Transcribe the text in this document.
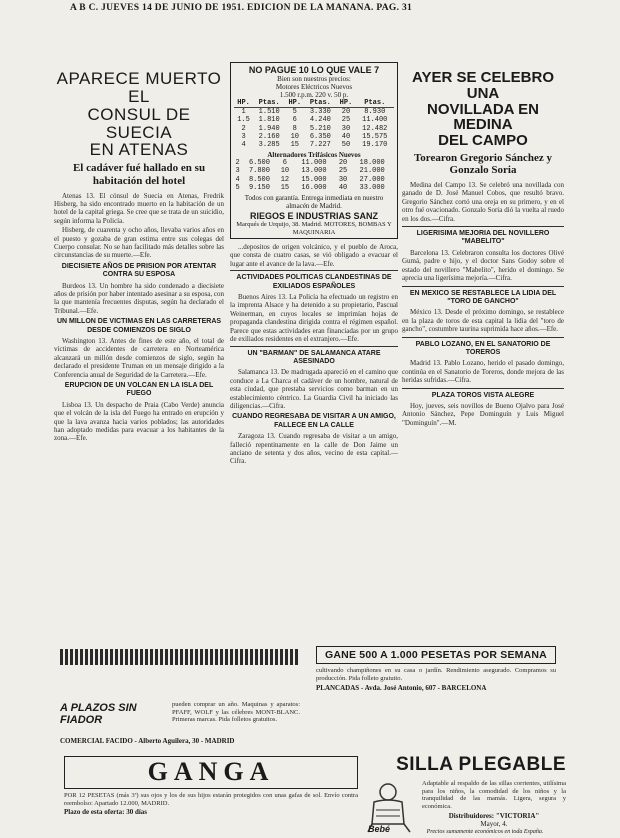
A B C. JUEVES 14 DE JUNIO DE 1951. EDICION DE LA MAÑANA. PAG. 31
APARECE MUERTO EL
CONSUL DE SUECIA
EN ATENAS
El cadáver fué hallado en su habitación del hotel

Atenas 13. El cónsul de Suecia en Atenas, Fredrik Hisberg, ha sido encontrado muerto en la habitación de un hotel de la capital griega. Se cree que se trata de un suicidio, según informa la Policía.

Hisberg, de cuarenta y ocho años, llevaba varios años en el puesto y gozaba de gran estima entre sus colegas del Cuerpo consular. No se han facilitado más detalles sobre las circunstancias de su muerte.—Efe.

DIECISIETE AÑOS DE PRISION POR ATENTAR CONTRA SU ESPOSA

Burdeos 13. Un hombre ha sido condenado a diecisiete años de prisión por haber intentado asesinar a su esposa, con la que mantenía frecuentes disputas, según ha declarado el Tribunal.—Efe.

UN MILLON DE VICTIMAS EN LAS CARRETERAS DESDE COMIENZOS DE SIGLO

Washington 13. Antes de fines de este año, el total de víctimas de accidentes de carretera en Norteamérica alcanzará un millón desde comienzos de siglo, según ha declarado el presidente Truman en un mensaje dirigido a la Conferencia anual de Seguridad de la Carretera.—Efe.

ERUPCION DE UN VOLCAN EN LA ISLA DEL FUEGO

Lisboa 13. Un despacho de Praia (Cabo Verde) anuncia que el volcán de la isla del Fuego ha entrado en erupción y que la lava avanza hacia varios poblados; las autoridades han adoptado medidas para evacuar a los habitantes de la zona.—Efe.

NO PAGUE 10 LO QUE VALE 7
Bien son nuestros precios:
Motores Eléctricos Nuevos
1.500 r.p.m. 220 v. 50 p.
HP.	Ptas.	HP.	Ptas.	HP.	Ptas.
1	1.510	5	3.330	20	8.930
1.5	1.810	6	4.240	25	11.400
2	1.940	8	5.210	30	12.482
3	2.160	10	6.350	40	15.575
4	3.285	15	7.227	50	19.170
Alternadores Trifásicos Nuevos
2	6.500	6	11.000	20	18.000
3	7.800	10	13.000	25	21.000
4	8.500	12	15.000	30	27.000
5	9.150	15	16.000	40	33.000
Todos con garantía. Entrega inmediata en nuestro almacén de Madrid.
RIEGOS E INDUSTRIAS SANZ
Marqués de Urquijo, 38. Madrid. MOTORES, BOMBAS Y MAQUINARIA

...depositos de origen volcánico, y el pueblo de Aroca, que consta de cuatro casas, se vió obligado a evacuar el lugar ante el avance de la lava.—Efe.

ACTIVIDADES POLITICAS CLANDESTINAS DE EXILIADOS ESPAÑOLES

Buenos Aires 13. La Policía ha efectuado un registro en la imprenta Alsace y ha detenido a su propietario, Pascual Weinerman, en cuyos locales se imprimían hojas de propaganda clandestina dirigida contra el régimen español. Parece que estas actividades eran financiadas por un grupo de exiliados residentes en el extranjero.—Efe.

UN "BARMAN" DE SALAMANCA ATARE ASESINADO

Salamanca 13. De madrugada apareció en el camino que conduce a La Charca el cadáver de un hombre, natural de esta ciudad, que prestaba servicios como barman en un establecimiento céntrico. La Guardia Civil ha iniciado las diligencias.—Cifra.

CUANDO REGRESABA DE VISITAR A UN AMIGO, FALLECE EN LA CALLE

Zaragoza 13. Cuando regresaba de visitar a un amigo, falleció repentinamente en la calle de Don Jaime un anciano de setenta y dos años, vecino de esta capital.—Cifra.

AYER SE CELEBRO UNA
NOVILLADA EN MEDINA
DEL CAMPO
Torearon Gregorio Sánchez y Gonzalo Soria

Medina del Campo 13. Se celebró una novillada con ganado de D. José Manuel Cobos, que resultó bravo. Gregorio Sánchez cortó una oreja en su primero, y en el otro fué ovacionado. Gonzalo Soria dió la vuelta al ruedo en los dos.—Cifra.

LIGERISIMA MEJORIA DEL NOVILLERO "MABELITO"

Barcelona 13. Celebraron consulta los doctores Olivé Gumá, padre e hijo, y el doctor Sans Godoy sobre el estado del novillero "Mabelito", herido el domingo. Se aprecia una ligerísima mejoría.—Cifra.

EN MEXICO SE RESTABLECE LA LIDIA DEL "TORO DE GANCHO"

México 13. Desde el próximo domingo, se restablece en la plaza de toros de esta capital la lidia del "toro de gancho", costumbre taurina suprimida hace años.—Efe.

PABLO LOZANO, EN EL SANATORIO DE TOREROS

Madrid 13. Pablo Lozano, herido el pasado domingo, continúa en el Sanatorio de Toreros, donde mejora de las heridas sufridas.—Cifra.

PLAZA TOROS VISTA ALEGRE

Hoy, jueves, seis novillos de Bueno Ojalvo para José Antonio Sánchez, Pepe Dominguín y Luis Miguel "Dominguín".—M.

A PLAZOS SIN FIADOR
pueden comprar un año. Maquinas y aparatos: PFAFF, WOLF y las célebres MONT-BLANC. Primeras marcas. Pida folletos gratuitos.
COMERCIAL FACIDO - Alberto Aguilera, 30 - MADRID
GANE 500 A 1.000 PESETAS POR SEMANA
cultivando champiñones en su casa o jardín. Rendimiento asegurado. Compramos su producción. Pida folleto gratuito.
PLANCADAS - Avda. José Antonio, 607 - BARCELONA
GANGA
POR 12 PESETAS (más 3ª) sus ojos y los de sus hijos estarán protegidos con unas gafas de sol. Envío contra reembolso: Apartado 12.000, MADRID.
Plazo de esta oferta: 30 días
SILLA PLEGABLE
Bebé
Adaptable al respaldo de las sillas corrientes, utilísima para los niños, la comodidad de los niños y la tranquilidad de las mamás. Ligera, segura y económica.
Distribuidores: "VICTORIA"
Mayor, 4.
Precios sumamente económicos en toda España.
